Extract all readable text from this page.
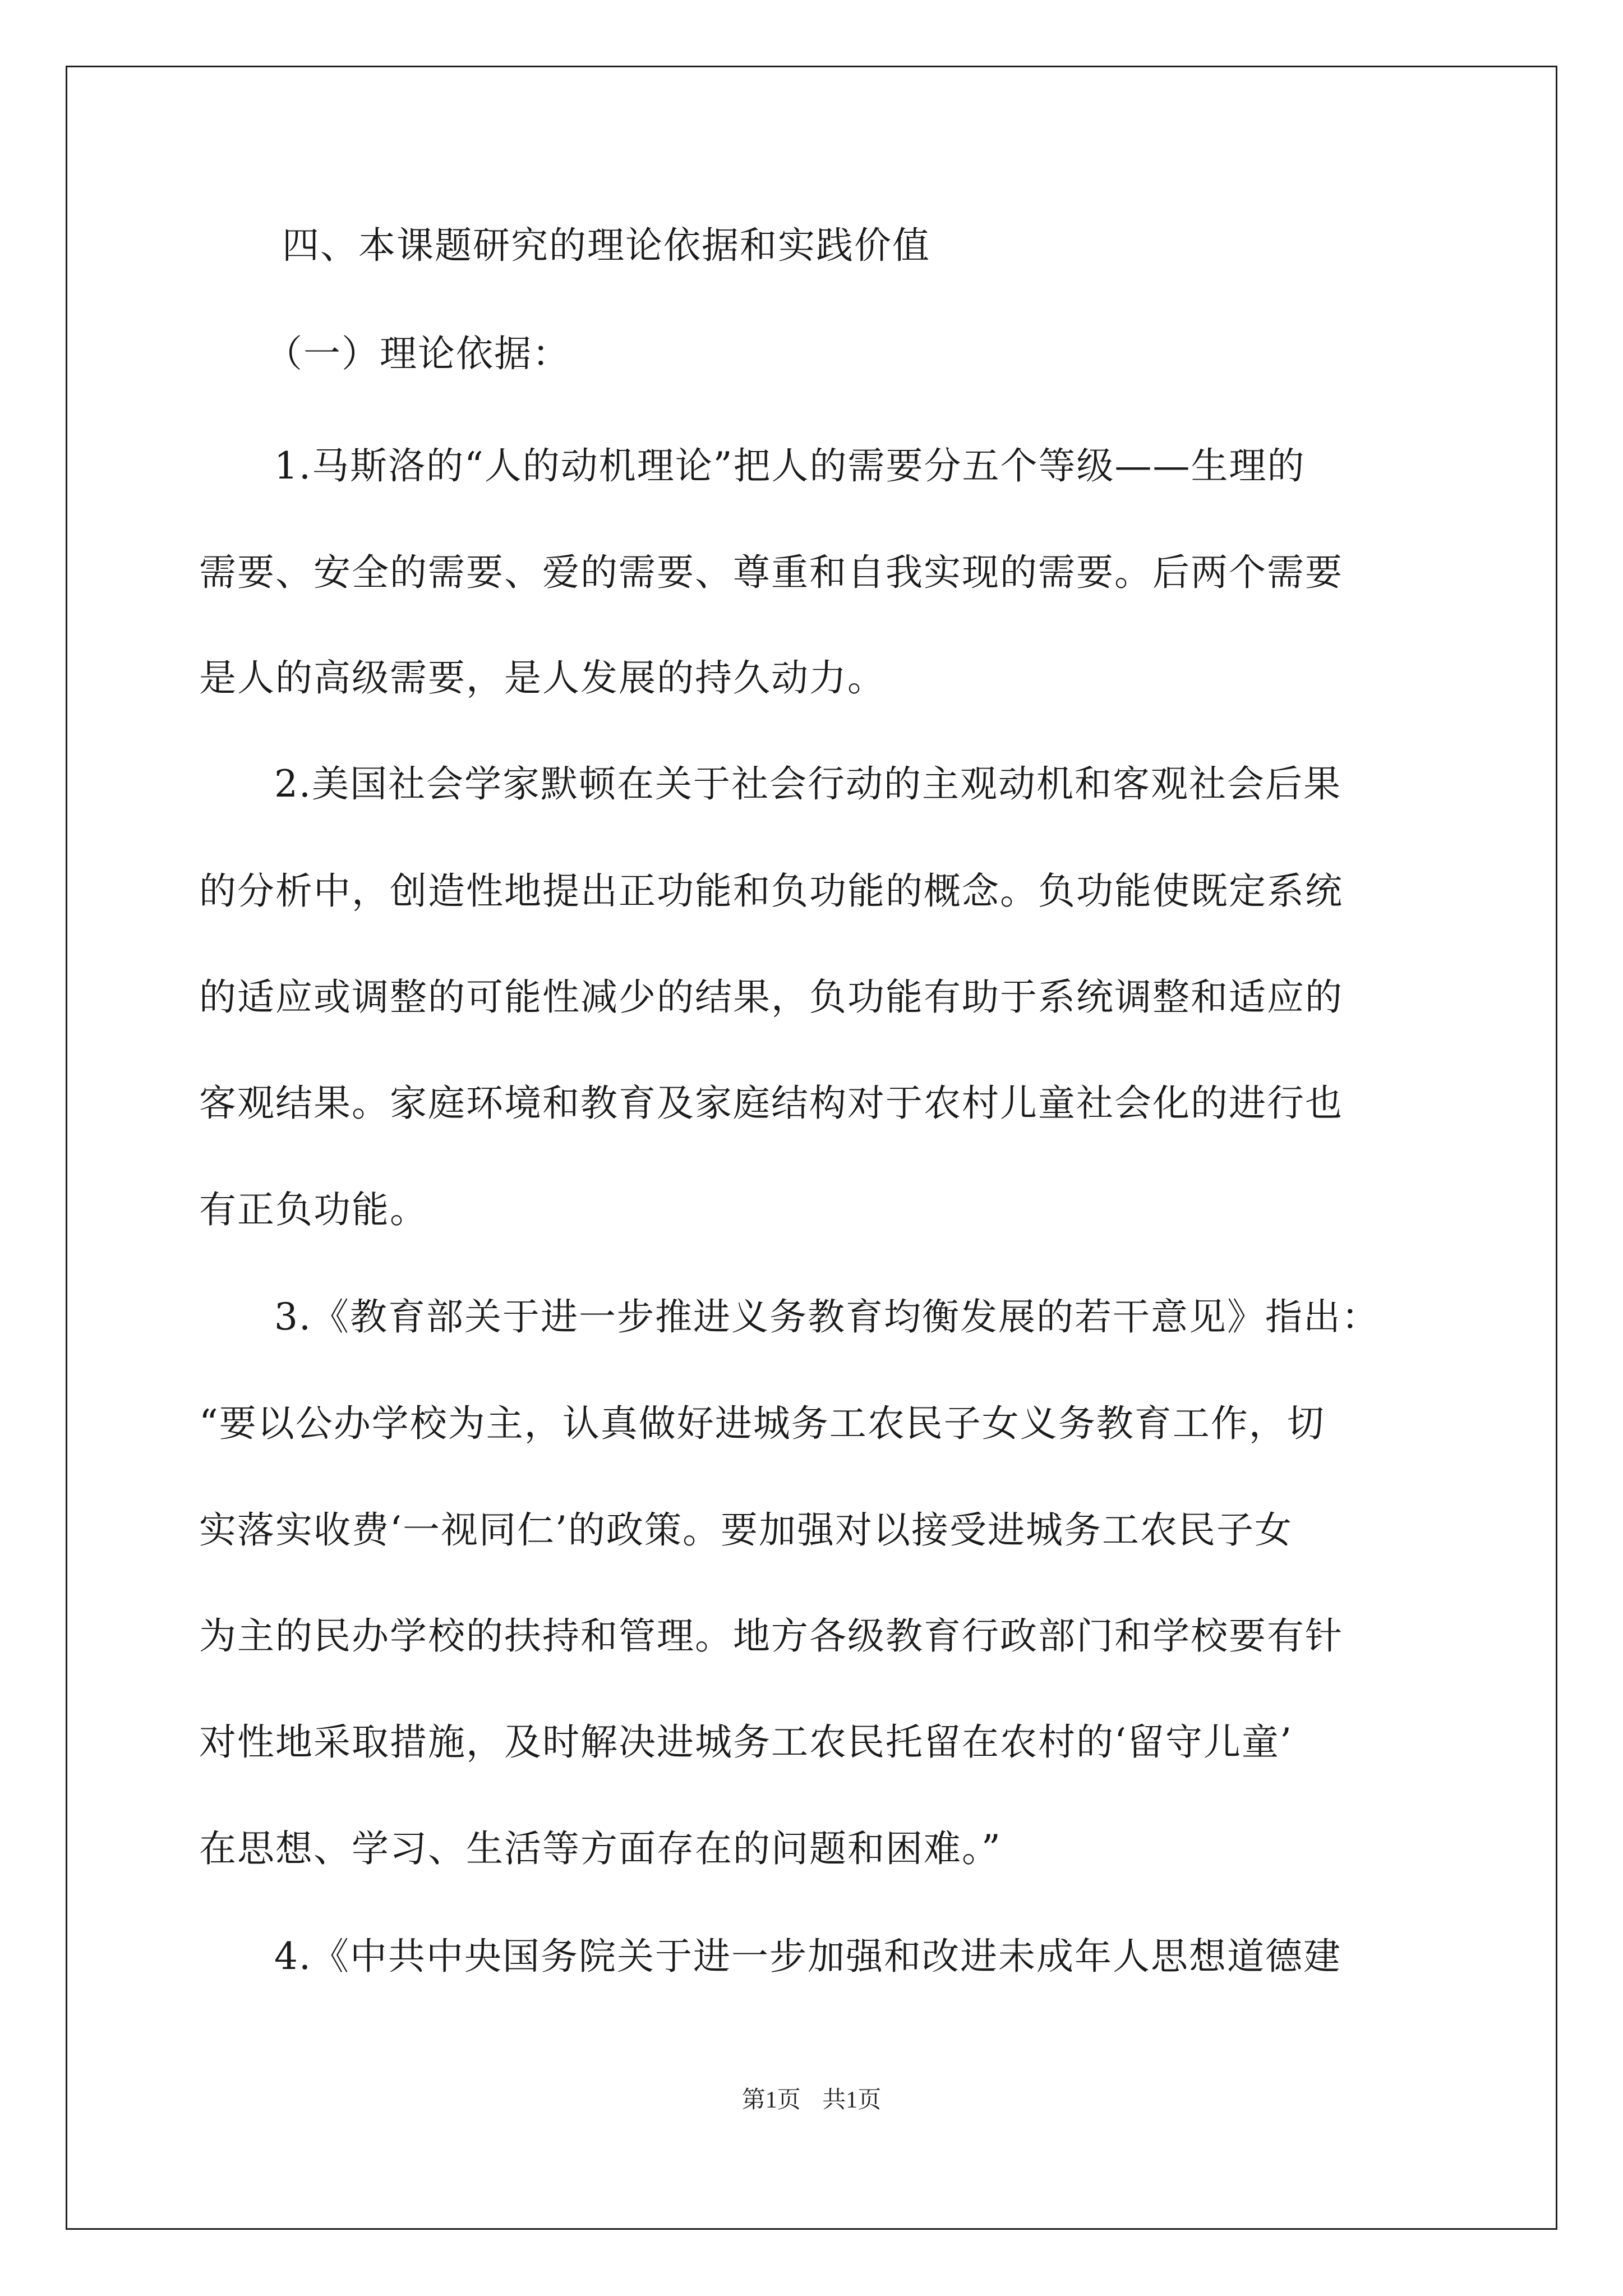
四、本课题研究的理论依据和实践价值
（一）理论依据：
1.马斯洛的“人的动机理论”把人的需要分五个等级——生理的
需要、安全的需要、爱的需要、尊重和自我实现的需要。后两个需要
是人的高级需要，是人发展的持久动力。
2.美国社会学家默顿在关于社会行动的主观动机和客观社会后果
的分析中，创造性地提出正功能和负功能的概念。负功能使既定系统
的适应或调整的可能性减少的结果，负功能有助于系统调整和适应的
客观结果。家庭环境和教育及家庭结构对于农村儿童社会化的进行也
有正负功能。
3.《教育部关于进一步推进义务教育均衡发展的若干意见》指出：
“要以公办学校为主，认真做好进城务工农民子女义务教育工作，切
实落实收费‘一视同仁’的政策。要加强对以接受进城务工农民子女
为主的民办学校的扶持和管理。地方各级教育行政部门和学校要有针
对性地采取措施，及时解决进城务工农民托留在农村的‘留守儿童’
在思想、学习、生活等方面存在的问题和困难。”
4.《中共中央国务院关于进一步加强和改进未成年人思想道德建
第1页 共1页
